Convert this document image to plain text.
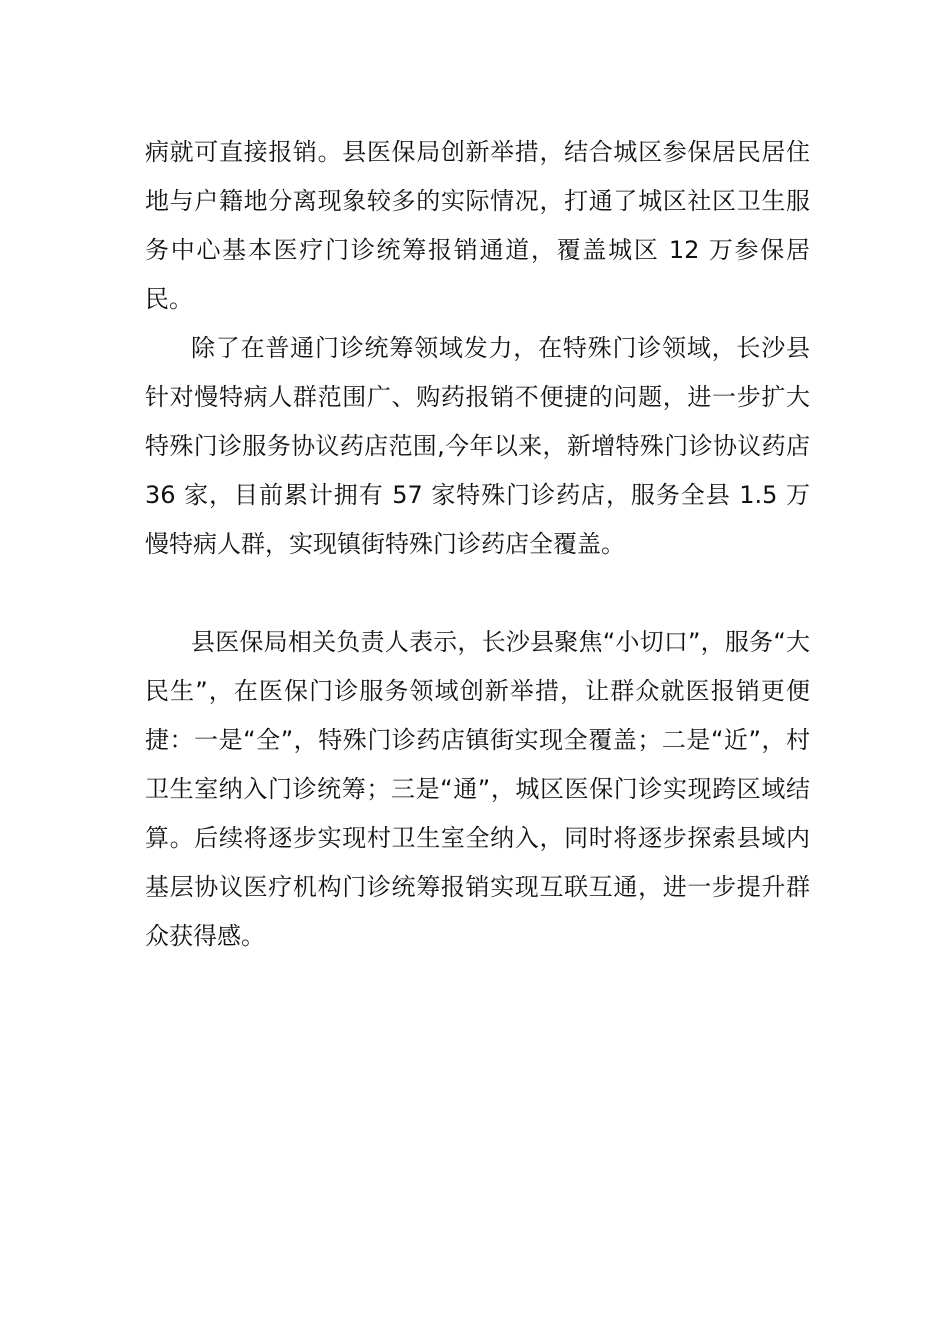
病就可直接报销。县医保局创新举措，结合城区参保居民居住地与户籍地分离现象较多的实际情况，打通了城区社区卫生服务中心基本医疗门诊统筹报销通道，覆盖城区 12 万参保居民。

除了在普通门诊统筹领域发力，在特殊门诊领域，长沙县针对慢特病人群范围广、购药报销不便捷的问题，进一步扩大特殊门诊服务协议药店范围,今年以来，新增特殊门诊协议药店 36 家，目前累计拥有 57 家特殊门诊药店，服务全县 1.5 万慢特病人群，实现镇街特殊门诊药店全覆盖。

县医保局相关负责人表示，长沙县聚焦“小切口”，服务“大民生”，在医保门诊服务领域创新举措，让群众就医报销更便捷：一是“全”，特殊门诊药店镇街实现全覆盖；二是“近”，村卫生室纳入门诊统筹；三是“通”，城区医保门诊实现跨区域结算。后续将逐步实现村卫生室全纳入，同时将逐步探索县域内基层协议医疗机构门诊统筹报销实现互联互通，进一步提升群众获得感。
